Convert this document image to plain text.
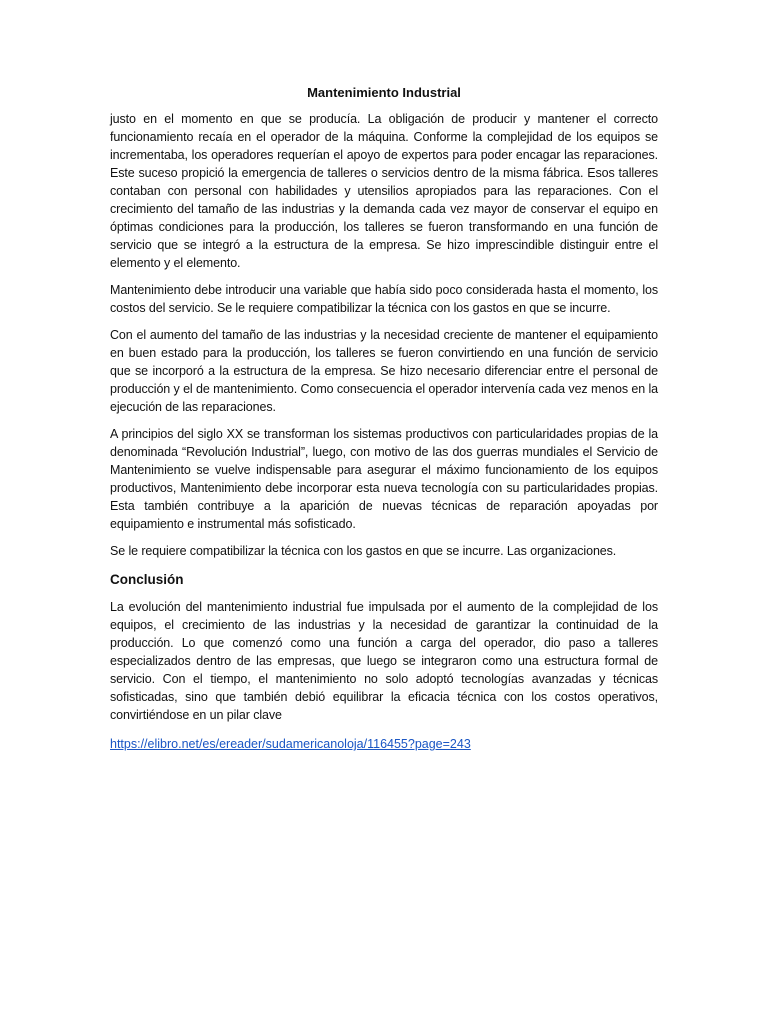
Mantenimiento Industrial

justo en el momento en que se producía. La obligación de producir y mantener el correcto funcionamiento recaía en el operador de la máquina. Conforme la complejidad de los equipos se incrementaba, los operadores requerían el apoyo de expertos para poder encagar las reparaciones. Este suceso propició la emergencia de talleres o servicios dentro de la misma fábrica. Esos talleres contaban con personal con habilidades y utensilios apropiados para las reparaciones. Con el crecimiento del tamaño de las industrias y la demanda cada vez mayor de conservar el equipo en óptimas condiciones para la producción, los talleres se fueron transformando en una función de servicio que se integró a la estructura de la empresa. Se hizo imprescindible distinguir entre el elemento y el elemento.

Mantenimiento debe introducir una variable que había sido poco considerada hasta el momento, los costos del servicio. Se le requiere compatibilizar la técnica con los gastos en que se incurre.

Con el aumento del tamaño de las industrias y la necesidad creciente de mantener el equipamiento en buen estado para la producción, los talleres se fueron convirtiendo en una función de servicio que se incorporó a la estructura de la empresa. Se hizo necesario diferenciar entre el personal de producción y el de mantenimiento. Como consecuencia el operador intervenía cada vez menos en la ejecución de las reparaciones.

A principios del siglo XX se transforman los sistemas productivos con particularidades propias de la denominada “Revolución Industrial”, luego, con motivo de las dos guerras mundiales el Servicio de Mantenimiento se vuelve indispensable para asegurar el máximo funcionamiento de los equipos productivos, Mantenimiento debe incorporar esta nueva tecnología con su particularidades propias. Esta también contribuye a la aparición de nuevas técnicas de reparación apoyadas por equipamiento e instrumental más sofisticado.

Se le requiere compatibilizar la técnica con los gastos en que se incurre. Las organizaciones.

Conclusión

La evolución del mantenimiento industrial fue impulsada por el aumento de la complejidad de los equipos, el crecimiento de las industrias y la necesidad de garantizar la continuidad de la producción. Lo que comenzó como una función a carga del operador, dio paso a talleres especializados dentro de las empresas, que luego se integraron como una estructura formal de servicio. Con el tiempo, el mantenimiento no solo adoptó tecnologías avanzadas y técnicas sofisticadas, sino que también debió equilibrar la eficacia técnica con los costos operativos, convirtiéndose en un pilar clave

https://elibro.net/es/ereader/sudamericanoloja/116455?page=243
